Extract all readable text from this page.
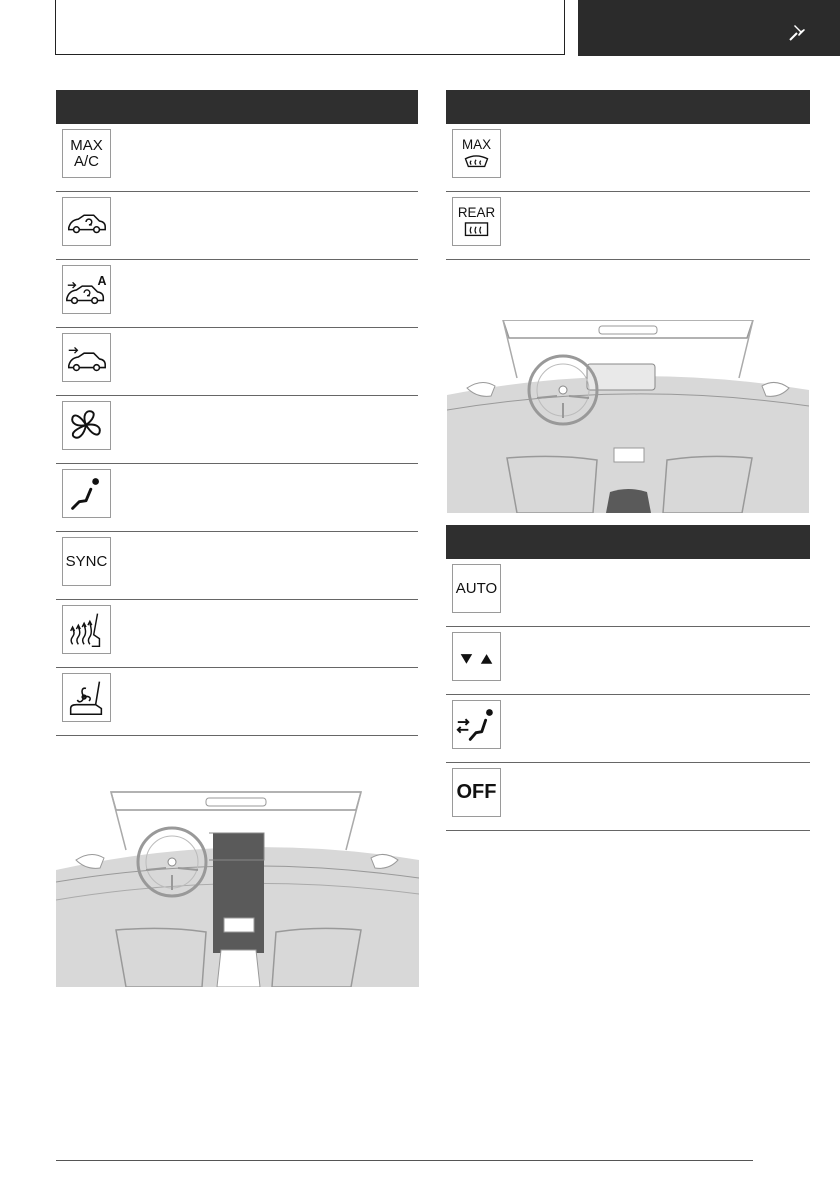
MAX
A/C
A
SYNC
MAX
REAR
AUTO
OFF
